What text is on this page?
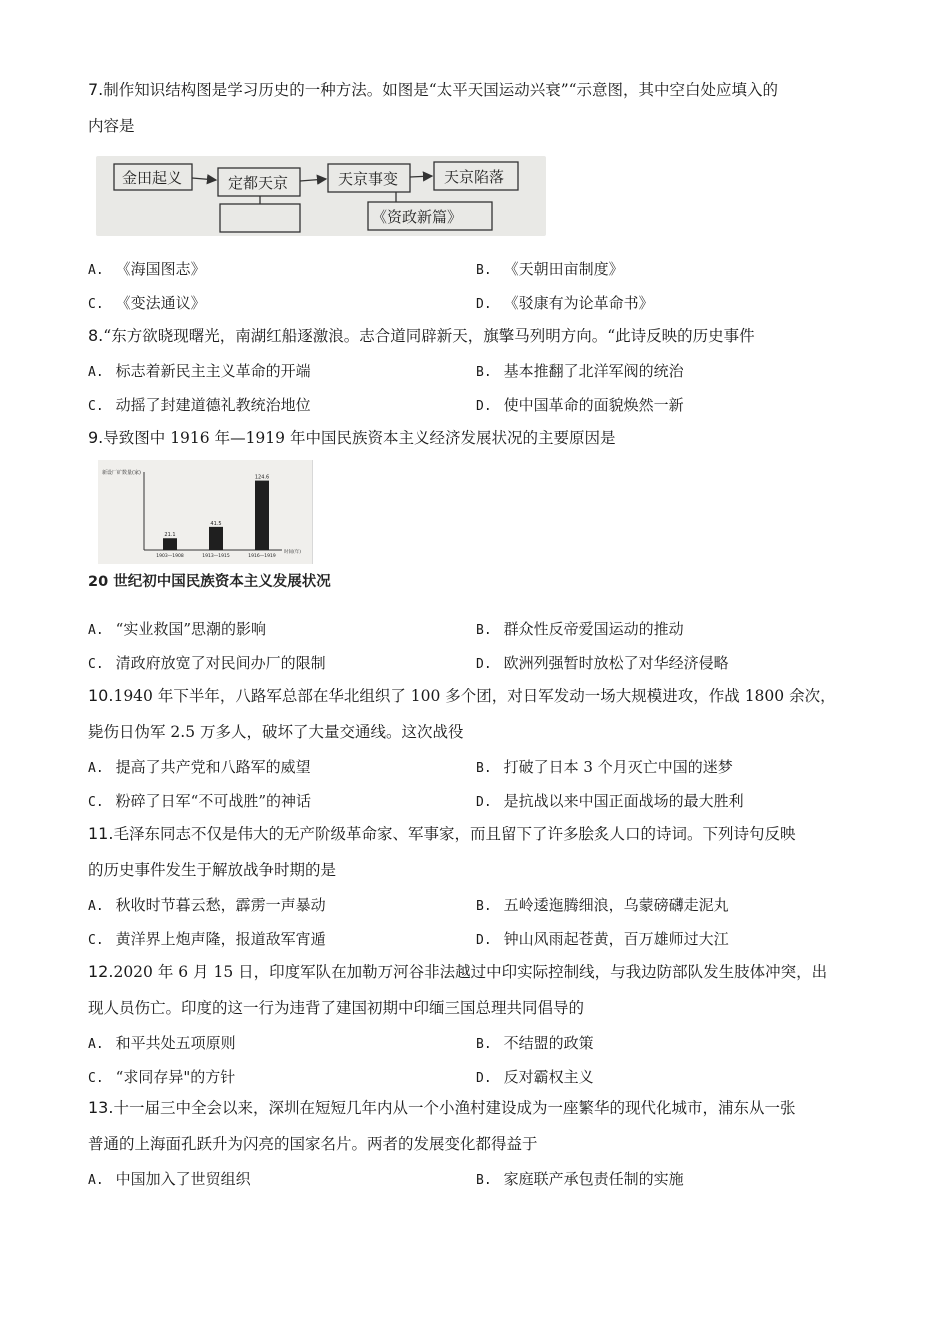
7.制作知识结构图是学习历史的一种方法。如图是“太平天国运动兴衰”“示意图，其中空白处应填入的
内容是
金田起义	定都天京	天京事变	天京陷落
《资政新篇》
A. 《海国图志》	B. 《天朝田亩制度》
C. 《变法通议》	D. 《驳康有为论革命书》
8.“东方欲晓现曙光，南湖红船逐激浪。志合道同辟新天，旗擎马列明方向。“此诗反映的历史事件
A. 标志着新民主主义革命的开端	B. 基本推翻了北洋军阀的统治
C. 动摇了封建道德礼教统治地位	D. 使中国革命的面貌焕然一新
9.导致图中 1916 年—1919 年中国民族资本主义经济发展状况的主要原因是
新设厂矿数量(家)
时间(年)
21.1
1903—1908
41.5
1913—1915
124.6
1916—1919
20 世纪初中国民族资本主义发展状况
A. “实业救国”思潮的影响	B. 群众性反帝爱国运动的推动
C. 清政府放宽了对民间办厂的限制	D. 欧洲列强暂时放松了对华经济侵略
10.1940 年下半年，八路军总部在华北组织了 100 多个团，对日军发动一场大规模进攻，作战 1800 余次，
毙伤日伪军 2.5 万多人，破坏了大量交通线。这次战役
A. 提高了共产党和八路军的威望	B. 打破了日本 3 个月灭亡中国的迷梦
C. 粉碎了日军“不可战胜”的神话	D. 是抗战以来中国正面战场的最大胜利
11.毛泽东同志不仅是伟大的无产阶级革命家、军事家，而且留下了许多脍炙人口的诗词。下列诗句反映
的历史事件发生于解放战争时期的是
A. 秋收时节暮云愁，霹雳一声暴动	B. 五岭逶迤腾细浪，乌蒙磅礴走泥丸
C. 黄洋界上炮声隆，报道敌军宵遁	D. 钟山风雨起苍黄，百万雄师过大江
12.2020 年 6 月 15 日，印度军队在加勒万河谷非法越过中印实际控制线，与我边防部队发生肢体冲突，出
现人员伤亡。印度的这一行为违背了建国初期中印缅三国总理共同倡导的
A. 和平共处五项原则	B. 不结盟的政策
C. “求同存异"的方针	D. 反对霸权主义
13.十一届三中全会以来，深圳在短短几年内从一个小渔村建设成为一座繁华的现代化城市，浦东从一张
普通的上海面孔跃升为闪亮的国家名片。两者的发展变化都得益于
A. 中国加入了世贸组织	B. 家庭联产承包责任制的实施
